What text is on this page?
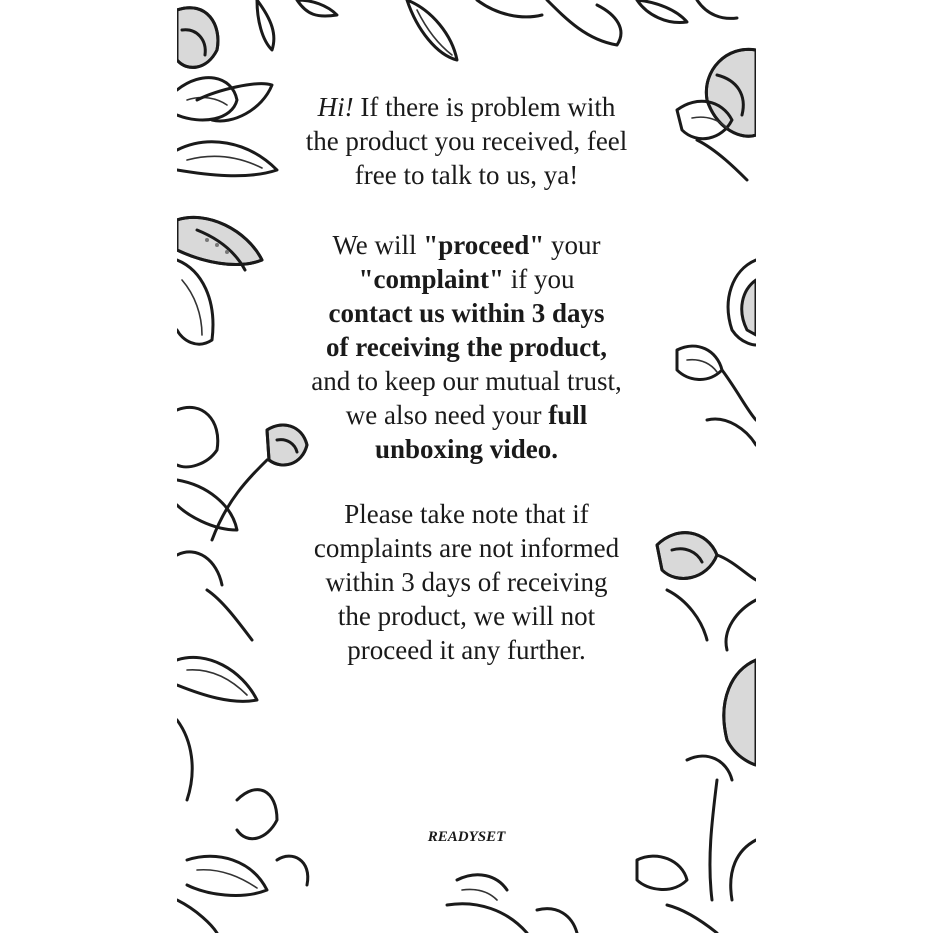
Hi! If there is problem with
the product you received, feel
free to talk to us, ya!
We will "proceed" your
"complaint" if you
contact us within 3 days
of receiving the product,
and to keep our mutual trust,
we also need your full
unboxing video.
Please take note that if
complaints are not informed
within 3 days of receiving
the product, we will not
proceed it any further.
READYSET
